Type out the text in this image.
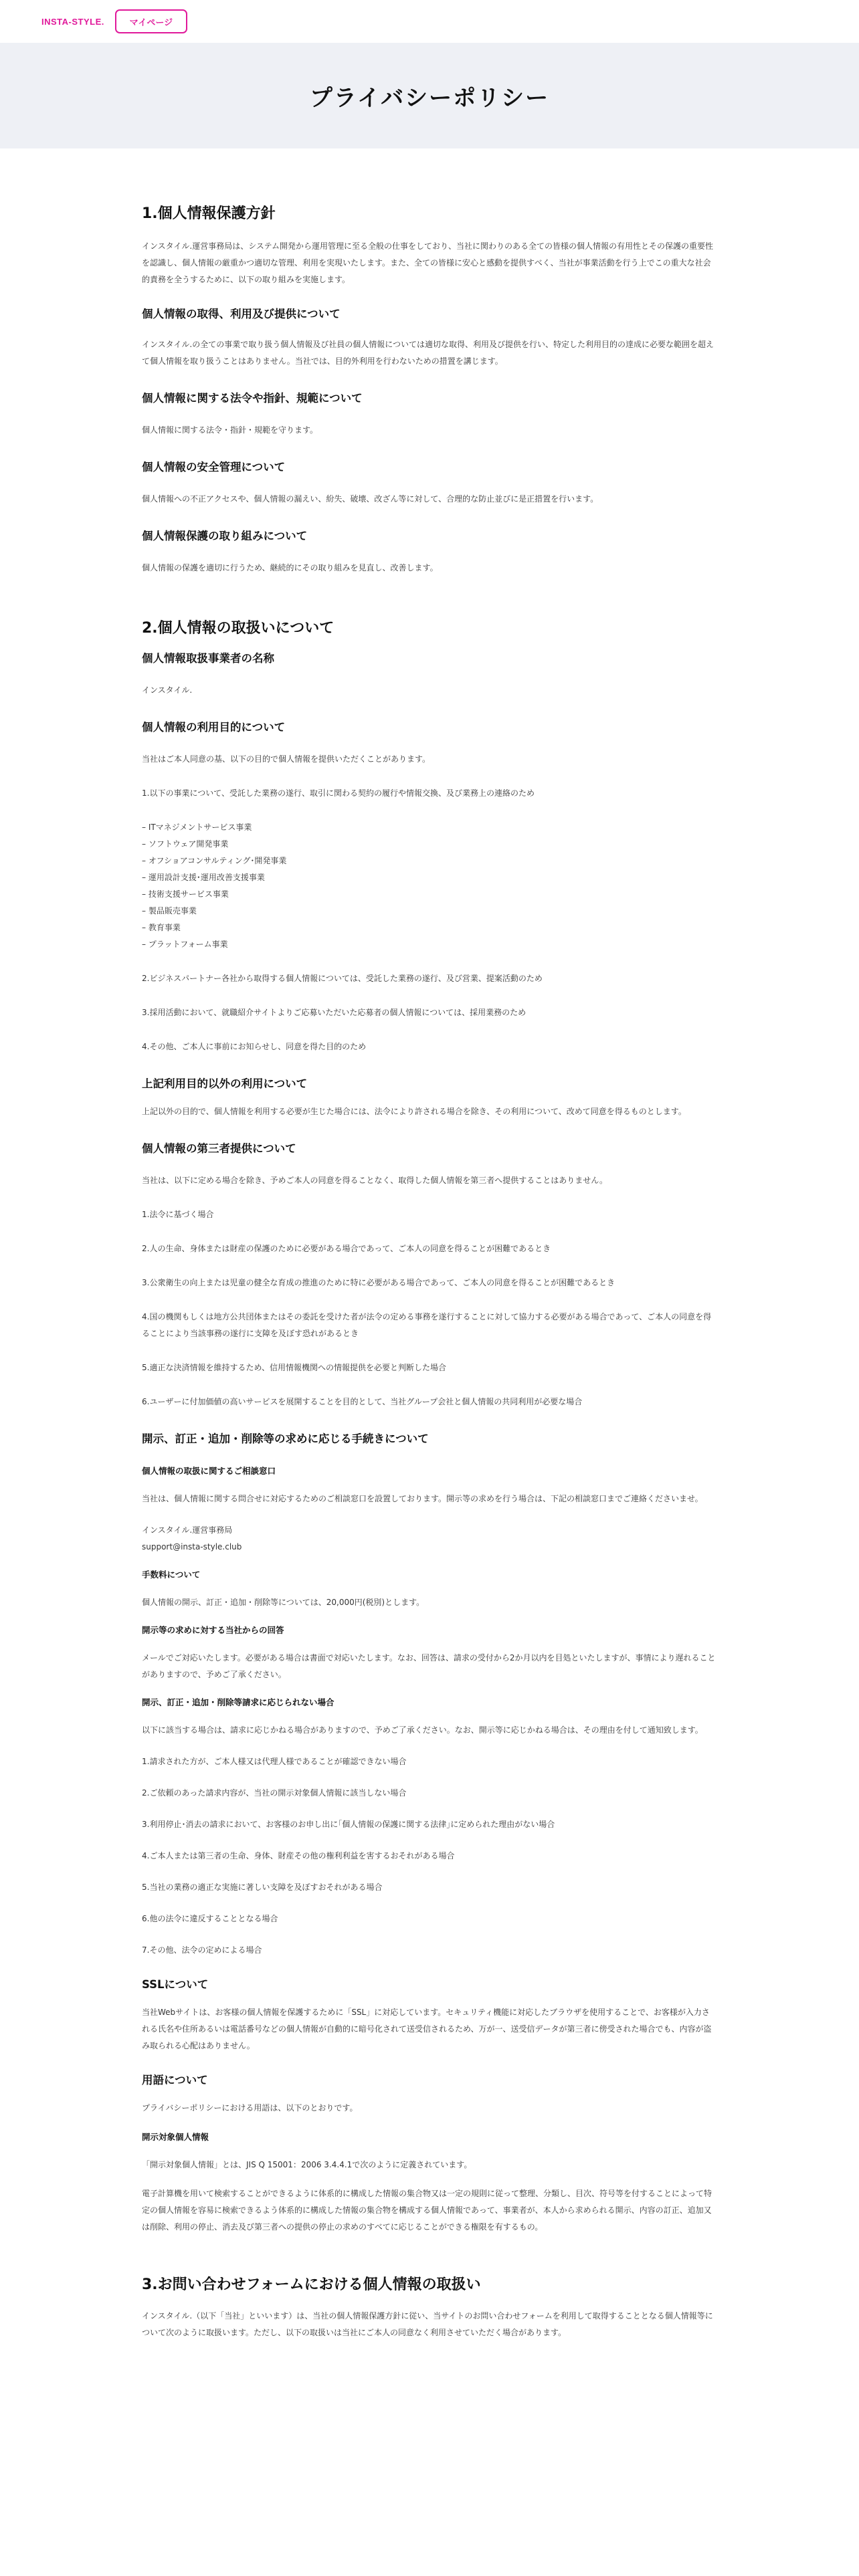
INSTA-STYLE.	マイページ
プライバシーポリシー
1.個人情報保護方針

インスタイル.運営事務局は、システム開発から運用管理に至る全般の仕事をしており、当社に関わりのある全ての皆様の個人情報の有用性とその保護の重要性を認識し、個人情報の厳重かつ適切な管理、利用を実現いたします。また、全ての皆様に安心と感動を提供すべく、当社が事業活動を行う上でこの重大な社会的責務を全うするために、以下の取り組みを実施します。

個人情報の取得、利用及び提供について

インスタイル.の全ての事業で取り扱う個人情報及び社員の個人情報については適切な取得、利用及び提供を行い、特定した利用目的の達成に必要な範囲を超えて個人情報を取り扱うことはありません。当社では、目的外利用を行わないための措置を講じます。

個人情報に関する法令や指針、規範について

個人情報に関する法令・指針・規範を守ります。

個人情報の安全管理について

個人情報への不正アクセスや、個人情報の漏えい、紛失、破壊、改ざん等に対して、合理的な防止並びに是正措置を行います。

個人情報保護の取り組みについて

個人情報の保護を適切に行うため、継続的にその取り組みを見直し、改善します。

2.個人情報の取扱いについて
個人情報取扱事業者の名称

インスタイル.

個人情報の利用目的について

当社はご本人同意の基、以下の目的で個人情報を提供いただくことがあります。

1.以下の事業について、受託した業務の遂行、取引に関わる契約の履行や情報交換、及び業務上の連絡のため

– ITマネジメントサービス事業
– ソフトウェア開発事業
– オフショアコンサルティング･開発事業
– 運用設計支援･運用改善支援事業
– 技術支援サービス事業
– 製品販売事業
– 教育事業
– プラットフォーム事業

2.ビジネスパートナー各社から取得する個人情報については、受託した業務の遂行、及び営業、提案活動のため

3.採用活動において、就職紹介サイトよりご応募いただいた応募者の個人情報については、採用業務のため

4.その他、ご本人に事前にお知らせし、同意を得た目的のため

上記利用目的以外の利用について

上記以外の目的で、個人情報を利用する必要が生じた場合には、法令により許される場合を除き、その利用について、改めて同意を得るものとします。

個人情報の第三者提供について

当社は、以下に定める場合を除き、予めご本人の同意を得ることなく、取得した個人情報を第三者へ提供することはありません。

1.法令に基づく場合

2.人の生命、身体または財産の保護のために必要がある場合であって、ご本人の同意を得ることが困難であるとき

3.公衆衛生の向上または児童の健全な育成の推進のために特に必要がある場合であって、ご本人の同意を得ることが困難であるとき

4.国の機関もしくは地方公共団体またはその委託を受けた者が法令の定める事務を遂行することに対して協力する必要がある場合であって、ご本人の同意を得ることにより当該事務の遂行に支障を及ぼす恐れがあるとき

5.適正な決済情報を維持するため、信用情報機関への情報提供を必要と判断した場合

6.ユーザーに付加価値の高いサービスを展開することを目的として、当社グループ会社と個人情報の共同利用が必要な場合

開示、訂正・追加・削除等の求めに応じる手続きについて
個人情報の取扱に関するご相談窓口

当社は、個人情報に関する問合せに対応するためのご相談窓口を設置しております。開示等の求めを行う場合は、下記の相談窓口までご連絡くださいませ。

インスタイル.運営事務局

support@insta-style.club

手数料について

個人情報の開示、訂正・追加・削除等については、20,000円(税別)とします。

開示等の求めに対する当社からの回答

メールでご対応いたします。必要がある場合は書面で対応いたします。なお、回答は、請求の受付から2か月以内を目処といたしますが、事情により遅れることがありますので、予めご了承ください。

開示、訂正・追加・削除等請求に応じられない場合

以下に該当する場合は、請求に応じかねる場合がありますので、予めご了承ください。なお、開示等に応じかねる場合は、その理由を付して通知致します。

1.請求された方が、ご本人様又は代理人様であることが確認できない場合

2.ご依頼のあった請求内容が、当社の開示対象個人情報に該当しない場合

3.利用停止･消去の請求において、お客様のお申し出に｢個人情報の保護に関する法律｣に定められた理由がない場合

4.ご本人または第三者の生命、身体、財産その他の権利利益を害するおそれがある場合

5.当社の業務の適正な実施に著しい支障を及ぼすおそれがある場合

6.他の法令に違反することとなる場合

7.その他、法令の定めによる場合

SSLについて

当社Webサイトは、お客様の個人情報を保護するために「SSL」に対応しています。セキュリティ機能に対応したブラウザを使用することで、お客様が入力される氏名や住所あるいは電話番号などの個人情報が自動的に暗号化されて送受信されるため、万が一、送受信データが第三者に傍受された場合でも、内容が盗み取られる心配はありません。

用語について

プライバシーポリシーにおける用語は、以下のとおりです。

開示対象個人情報

「開示対象個人情報」とは、JIS Q 15001：2006 3.4.4.1で次のように定義されています。

電子計算機を用いて検索することができるように体系的に構成した情報の集合物又は一定の規則に従って整理、分類し、目次、符号等を付することによって特定の個人情報を容易に検索できるよう体系的に構成した情報の集合物を構成する個人情報であって、事業者が、本人から求められる開示、内容の訂正、追加又は削除、利用の停止、消去及び第三者への提供の停止の求めのすべてに応じることができる権限を有するもの。

3.お問い合わせフォームにおける個人情報の取扱い

インスタイル.（以下「当社」といいます）は、当社の個人情報保護方針に従い、当サイトのお問い合わせフォームを利用して取得することとなる個人情報等について次のように取扱います。ただし、以下の取扱いは当社にご本人の同意なく利用させていただく場合があります。
